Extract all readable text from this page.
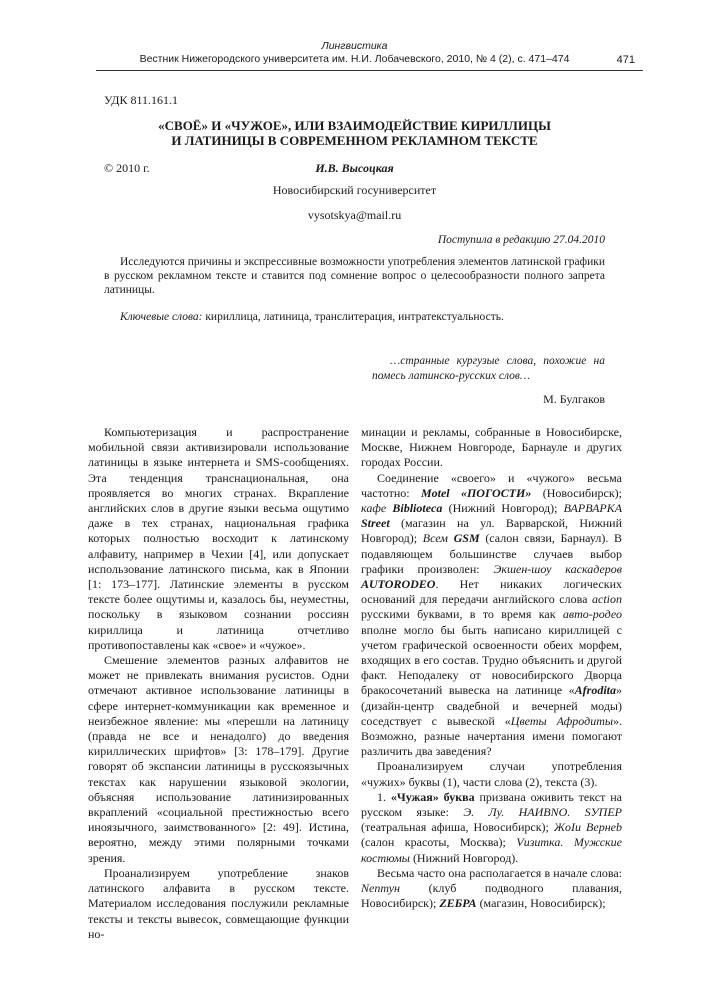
Лингвистика
Вестник Нижегородского университета им. Н.И. Лобачевского, 2010, № 4 (2), с. 471–474	471
УДК 811.161.1
«СВОЁ» И «ЧУЖОЕ», ИЛИ ВЗАИМОДЕЙСТВИЕ КИРИЛЛИЦЫ
И ЛАТИНИЦЫ В СОВРЕМЕННОМ РЕКЛАМНОМ ТЕКСТЕ
© 2010 г.	И.В. Высоцкая
Новосибирский госуниверситет
vysotskya@mail.ru
Поступила в редакцию 27.04.2010

Исследуются причины и экспрессивные возможности употребления элементов латинской графики в русском рекламном тексте и ставится под сомнение вопрос о целесообразности полного запрета латиницы.

Ключевые слова: кириллица, латиница, транслитерация, интратекстуальность.

…странные кургузые слова, похожие на помесь латинско-русских слов…

М. Булгаков

Компьютеризация и распространение мобильной связи активизировали использование латиницы в языке интернета и SMS-сообщениях. Эта тенденция транснациональная, она проявляется во многих странах. Вкрапление английских слов в другие языки весьма ощутимо даже в тех странах, национальная графика которых полностью восходит к латинскому алфавиту, например в Чехии [4], или допускает использование латинского письма, как в Японии [1: 173–177]. Латинские элементы в русском тексте более ощутимы и, казалось бы, неуместны, поскольку в языковом сознании россиян кириллица и латиница отчетливо противопоставлены как «свое» и «чужое».

Смешение элементов разных алфавитов не может не привлекать внимания русистов. Одни отмечают активное использование латиницы в сфере интернет-коммуникации как временное и неизбежное явление: мы «перешли на латиницу (правда не все и ненадолго) до введения кириллических шрифтов» [3: 178–179]. Другие говорят об экспансии латиницы в русскоязычных текстах как нарушении языковой экологии, объясняя использование латинизированных вкраплений «социальной престижностью всего иноязычного, заимствованного» [2: 49]. Истина, вероятно, между этими полярными точками зрения.

Проанализируем употребление знаков латинского алфавита в русском тексте. Материалом исследования послужили рекламные тексты и тексты вывесок, совмещающие функции но-

минации и рекламы, собранные в Новосибирске, Москве, Нижнем Новгороде, Барнауле и других городах России.

Соединение «своего» и «чужого» весьма частотно: Motel «ПОГОСТИ» (Новосибирск); кафе Biblioteca (Нижний Новгород); ВАРВАРКА Street (магазин на ул. Варварской, Нижний Новгород); Всем GSM (салон связи, Барнаул). В подавляющем большинстве случаев выбор графики произволен: Экшен-шоу каскадеров AUTORODEO. Нет никаких логических оснований для передачи английского слова action русскими буквами, в то время как авто-родео вполне могло бы быть написано кириллицей с учетом графической освоенности обеих морфем, входящих в его состав. Трудно объяснить и другой факт. Неподалеку от новосибирского Дворца бракосочетаний вывеска на латинице «Afrodita» (дизайн-центр свадебной и вечерней моды) соседствует с вывеской «Цветы Афродиты». Возможно, разные начертания имени помогают различить два заведения?

Проанализируем случаи употребления «чужих» буквы (1), части слова (2), текста (3).

1. «Чужая» буква призвана оживить текст на русском языке: Э. Лу. НАИВNO. SУПЕР (театральная афиша, Новосибирск); ЖoIu Вернеb (салон красоты, Москва); Vизитка. Мужские костюмы (Нижний Новгород).

Весьма часто она располагается в начале слова: Nептун (клуб подводного плавания, Новосибирск); ZЕБРА (магазин, Новосибирск);
